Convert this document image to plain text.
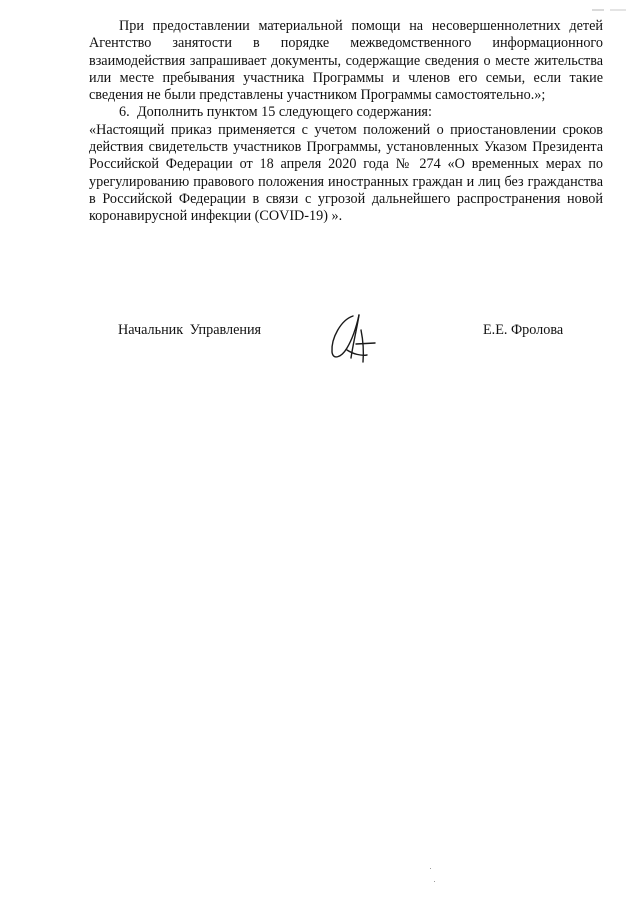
При предоставлении материальной помощи на несовершеннолетних детей Агентство занятости в порядке межведомственного информационного взаимодействия запрашивает документы, содержащие сведения о месте жительства или месте пребывания участника Программы и членов его семьи, если такие сведения не были представлены участником Программы самостоятельно.»;

6. Дополнить пунктом 15 следующего содержания:

«Настоящий приказ применяется с учетом положений о приостановлении сроков действия свидетельств участников Программы, установленных Указом Президента Российской Федерации от 18 апреля 2020 года № 274 «О временных мерах по урегулированию правового положения иностранных граждан и лиц без гражданства в Российской Федерации в связи с угрозой дальнейшего распространения новой коронавирусной инфекции (COVID-19) ».

Начальник Управления	Е.Е. Фролова
